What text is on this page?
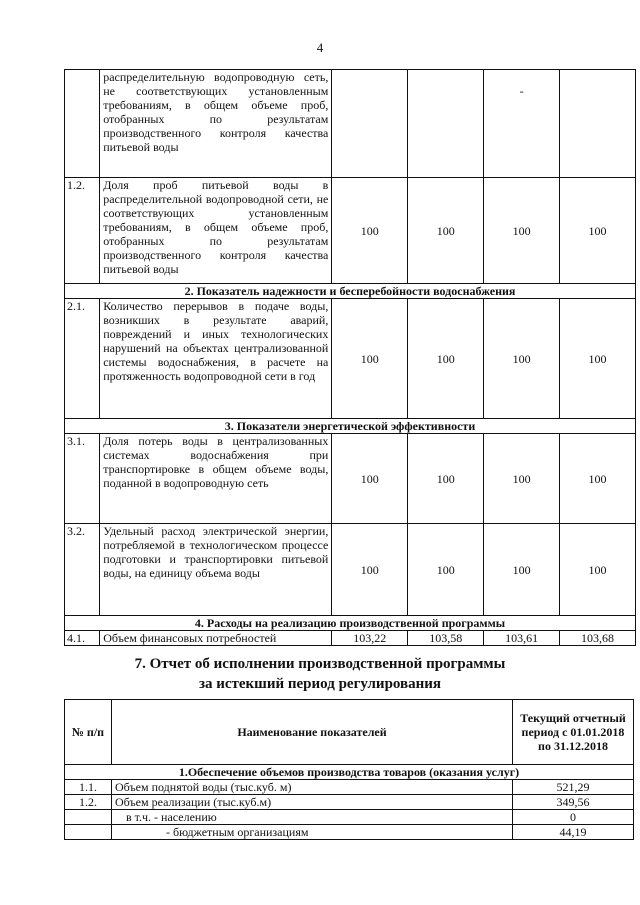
4
	распределительную водопроводную сеть, не соответствующих установленным требованиям, в общем объеме проб, отобранных по результатам производственного контроля качества питьевой воды			-	
1.2.	Доля проб питьевой воды в распределительной водопроводной сети, не соответствующих установленным требованиям, в общем объеме проб, отобранных по результатам производственного контроля качества питьевой воды	100	100	100	100
2. Показатель надежности и бесперебойности водоснабжения					
2.1.	Количество перерывов в подаче воды, возникших в результате аварий, повреждений и иных технологических нарушений на объектах централизованной системы водоснабжения, в расчете на протяженность водопроводной сети в год	100	100	100	100
3. Показатели энергетической эффективности					
3.1.	Доля потерь воды в централизованных системах водоснабжения при транспортировке в общем объеме воды, поданной в водопроводную сеть	100	100	100	100
3.2.	Удельный расход электрической энергии, потребляемой в технологическом процессе подготовки и транспортировки питьевой воды, на единицу объема воды	100	100	100	100
4. Расходы на реализацию производственной программы					
4.1.	Объем финансовых потребностей	103,22	103,58	103,61	103,68
7. Отчет об исполнении производственной программы
за истекший период регулирования
№ п/п	Наименование показателей	Текущий отчетный период с 01.01.2018 по 31.12.2018
1.Обеспечение объемов производства товаров (оказания услуг)		
1.1.	Объем поднятой воды (тыс.куб. м)	521,29
1.2.	Объем реализации (тыс.куб.м)	349,56
	в т.ч. - населению	0
	- бюджетным организациям	44,19
